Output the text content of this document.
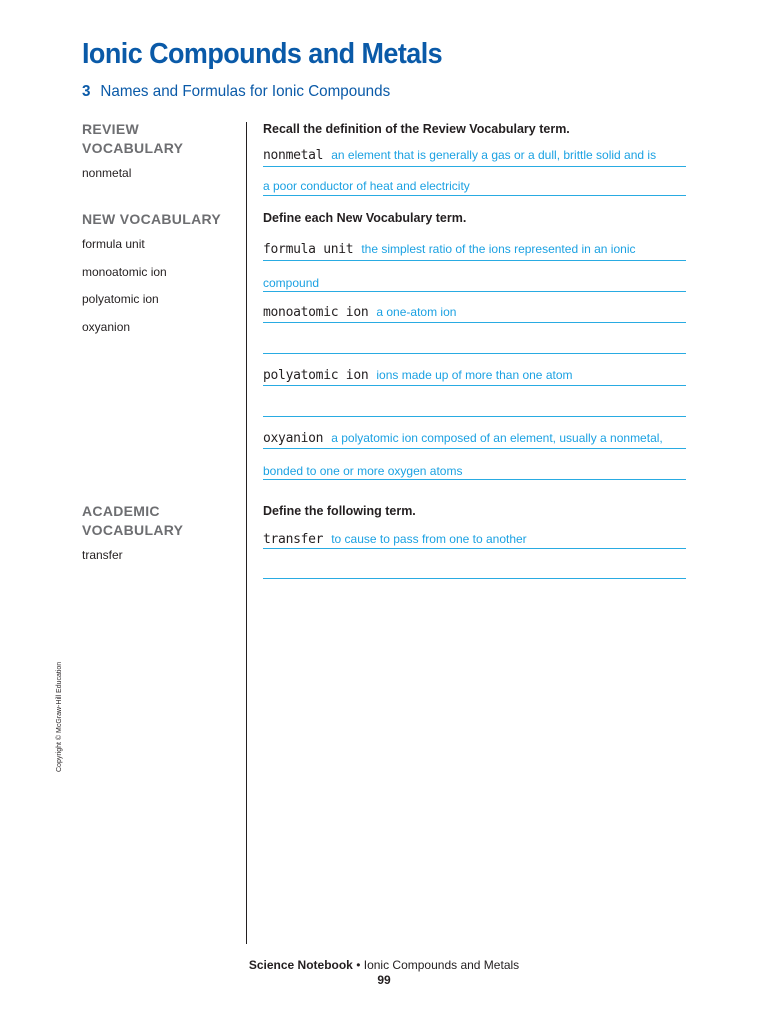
Ionic Compounds and Metals
3 Names and Formulas for Ionic Compounds
REVIEW
VOCABULARY
nonmetal
NEW VOCABULARY
formula unit
monoatomic ion
polyatomic ion
oxyanion
ACADEMIC
VOCABULARY
transfer
Recall the definition of the Review Vocabulary term.
nonmetal an element that is generally a gas or a dull, brittle solid and is
a poor conductor of heat and electricity
Define each New Vocabulary term.
formula unit the simplest ratio of the ions represented in an ionic
compound
monoatomic ion a one-atom ion
polyatomic ion ions made up of more than one atom
oxyanion a polyatomic ion composed of an element, usually a nonmetal,
bonded to one or more oxygen atoms
Define the following term.
transfer to cause to pass from one to another
Copyright © McGraw-Hill Education
Science Notebook • Ionic Compounds and Metals
99
